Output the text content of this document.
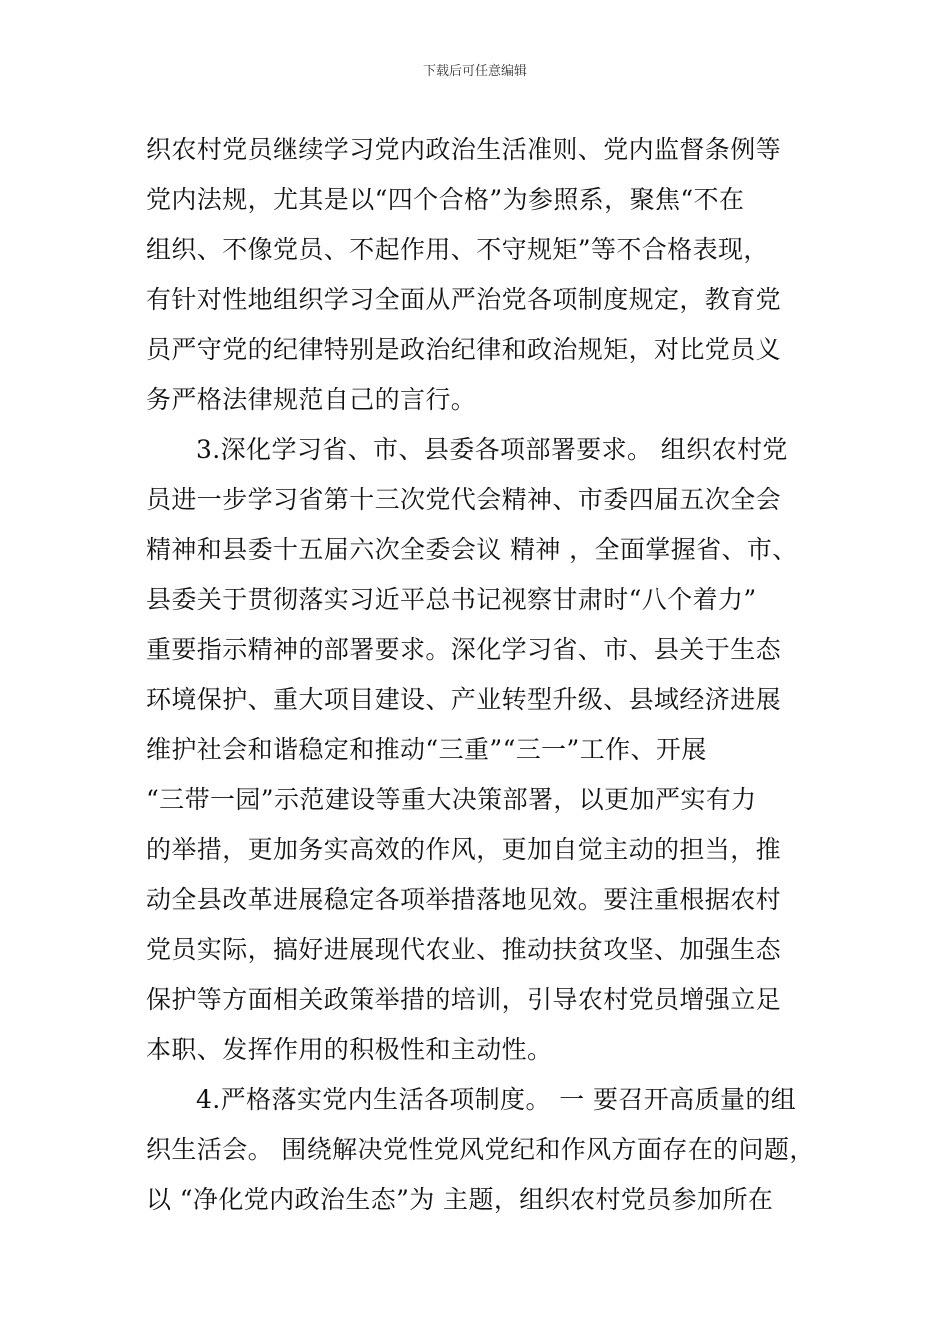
下载后可任意编辑
织农村党员继续学习党内政治生活准则、党内监督条例等
党内法规，尤其是以“四个合格”为参照系，聚焦“不在
组织、不像党员、不起作用、不守规矩”等不合格表现，
有针对性地组织学习全面从严治党各项制度规定，教育党
员严守党的纪律特别是政治纪律和政治规矩，对比党员义
务严格法律规范自己的言行。
3.深化学习省、市、县委各项部署要求。 组织农村党
员进一步学习省第十三次党代会精神、市委四届五次全会
精神和县委十五届六次全委会议 精神 ，全面掌握省、市、
县委关于贯彻落实习近平总书记视察甘肃时“八个着力”
重要指示精神的部署要求。深化学习省、市、县关于生态
环境保护、重大项目建设、产业转型升级、县域经济进展
维护社会和谐稳定和推动“三重”“三一”工作、开展
“三带一园”示范建设等重大决策部署，以更加严实有力
的举措，更加务实高效的作风，更加自觉主动的担当，推
动全县改革进展稳定各项举措落地见效。要注重根据农村
党员实际，搞好进展现代农业、推动扶贫攻坚、加强生态
保护等方面相关政策举措的培训，引导农村党员增强立足
本职、发挥作用的积极性和主动性。
4.严格落实党内生活各项制度。 一 要召开高质量的组
织生活会。 围绕解决党性党风党纪和作风方面存在的问题，
以 “净化党内政治生态”为 主题，组织农村党员参加所在
